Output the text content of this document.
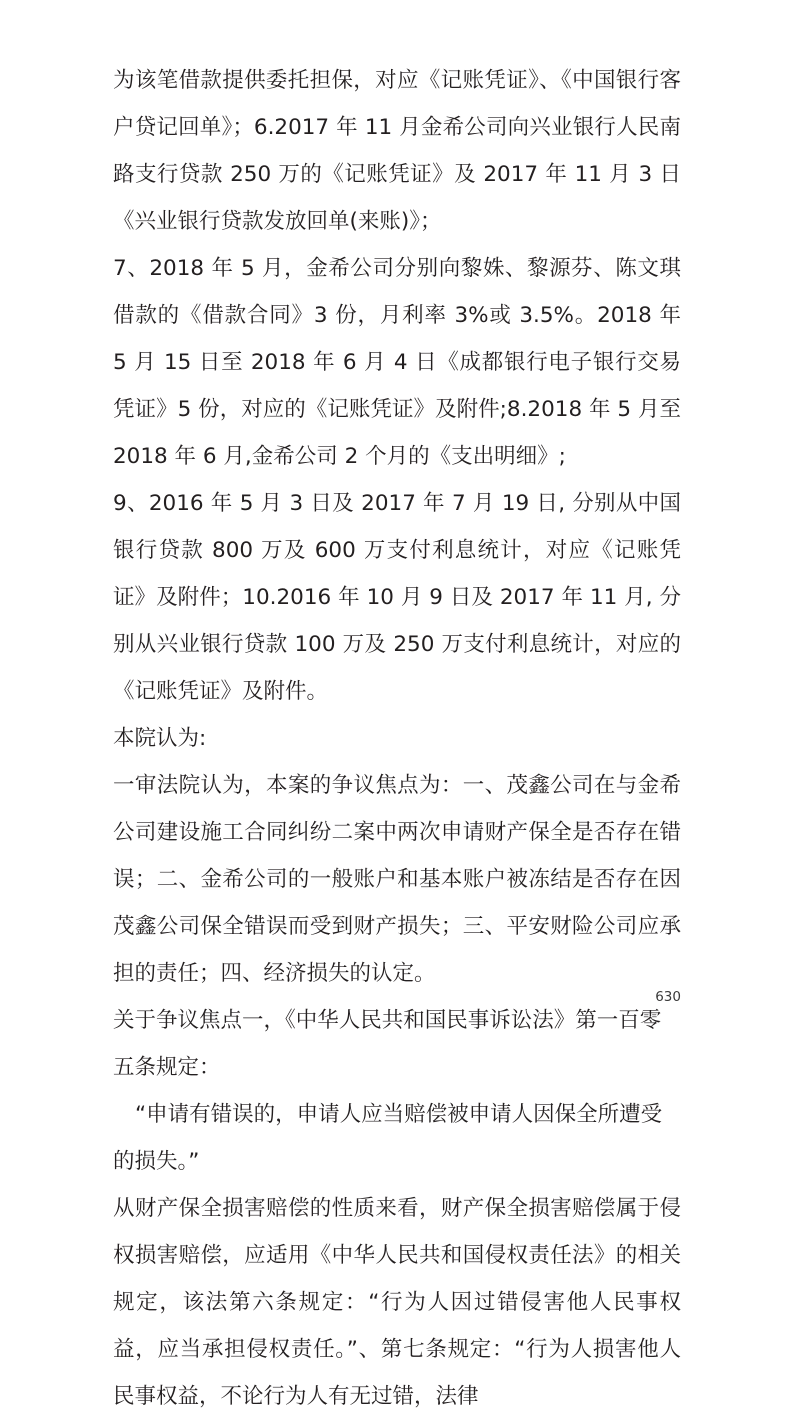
为该笔借款提供委托担保，对应《记账凭证》、《中国银行客户贷记回单》；6.2017 年 11 月金希公司向兴业银行人民南路支行贷款 250 万的《记账凭证》及 2017 年 11 月 3 日《兴业银行贷款发放回单(来账)》；

7、2018 年 5 月，金希公司分别向黎姝、黎源芬、陈文琪借款的《借款合同》3 份，月利率 3%或 3.5%。2018 年 5 月 15 日至 2018 年 6 月 4 日《成都银行电子银行交易凭证》5 份，对应的《记账凭证》及附件;8.2018 年 5 月至 2018 年 6 月,金希公司 2 个月的《支出明细》;

9、2016 年 5 月 3 日及 2017 年 7 月 19 日, 分别从中国银行贷款 800 万及 600 万支付利息统计，对应《记账凭证》及附件；10.2016 年 10 月 9 日及 2017 年 11 月, 分别从兴业银行贷款 100 万及 250 万支付利息统计，对应的《记账凭证》及附件。

本院认为:

一审法院认为，本案的争议焦点为：一、茂鑫公司在与金希公司建设施工合同纠纷二案中两次申请财产保全是否存在错误；二、金希公司的一般账户和基本账户被冻结是否存在因茂鑫公司保全错误而受到财产损失；三、平安财险公司应承担的责任；四、经济损失的认定。

关于争议焦点一，《中华人民共和国民事诉讼法》第一百零五条规定：

“申请有错误的，申请人应当赔偿被申请人因保全所遭受的损失。”

从财产保全损害赔偿的性质来看，财产保全损害赔偿属于侵权损害赔偿，应适用《中华人民共和国侵权责任法》的相关规定，该法第六条规定：“行为人因过错侵害他人民事权益，应当承担侵权责任。”、第七条规定：“行为人损害他人民事权益，不论行为人有无过错，法律

630
